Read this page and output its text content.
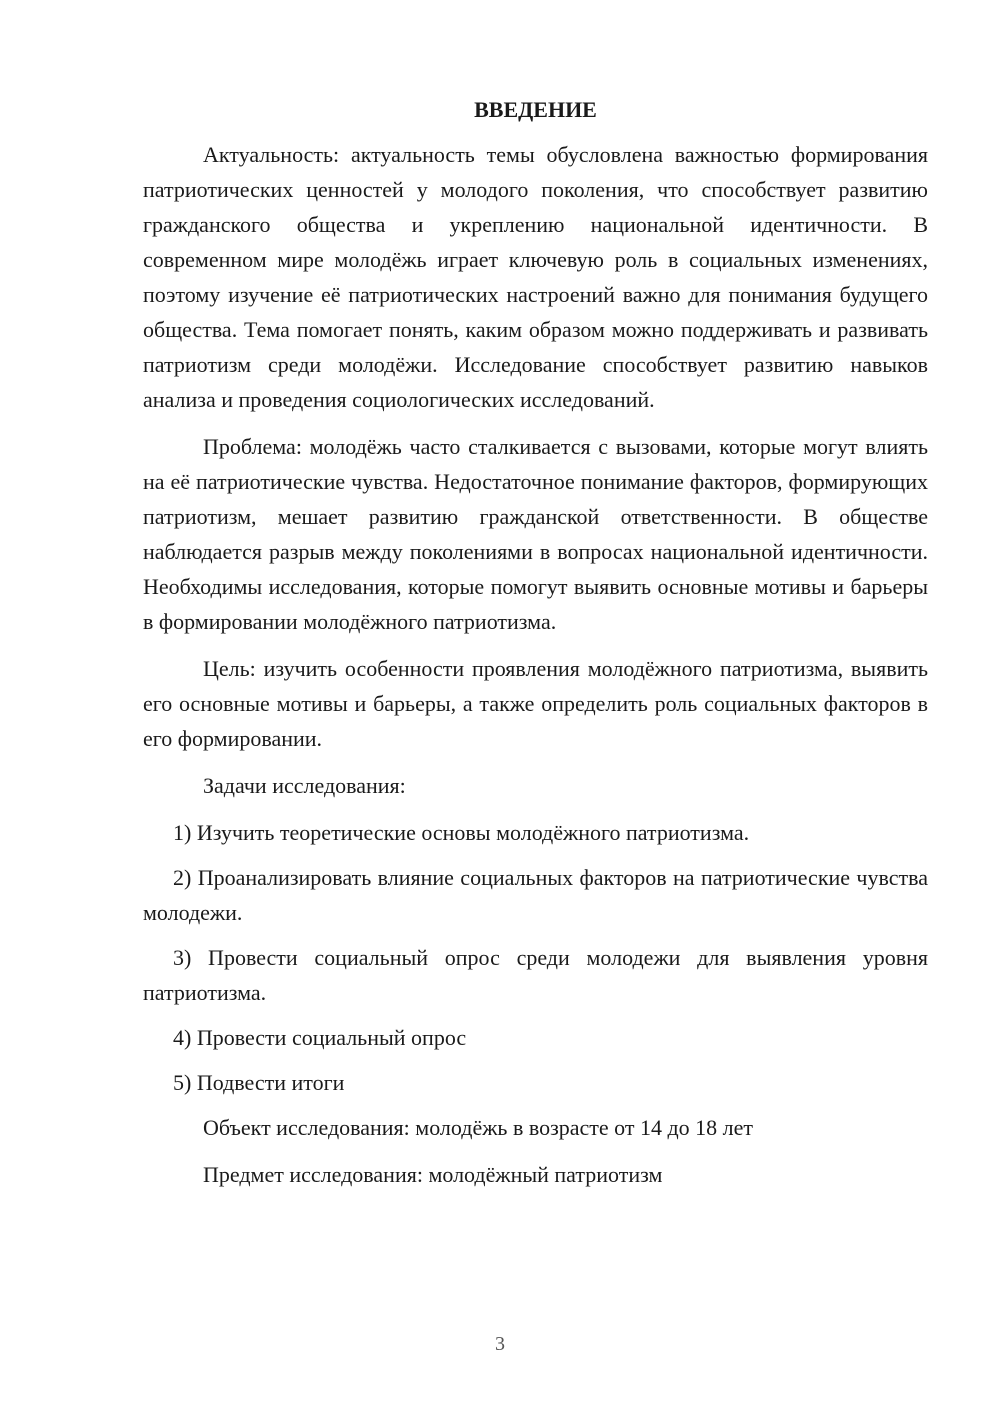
ВВЕДЕНИЕ

Актуальность: актуальность темы обусловлена важностью формирования патриотических ценностей у молодого поколения, что способствует развитию гражданского общества и укреплению национальной идентичности. В современном мире молодёжь играет ключевую роль в социальных изменениях, поэтому изучение её патриотических настроений важно для понимания будущего общества. Тема помогает понять, каким образом можно поддерживать и развивать патриотизм среди молодёжи. Исследование способствует развитию навыков анализа и проведения социологических исследований.

Проблема: молодёжь часто сталкивается с вызовами, которые могут влиять на её патриотические чувства. Недостаточное понимание факторов, формирующих патриотизм, мешает развитию гражданской ответственности. В обществе наблюдается разрыв между поколениями в вопросах национальной идентичности. Необходимы исследования, которые помогут выявить основные мотивы и барьеры в формировании молодёжного патриотизма.

Цель: изучить особенности проявления молодёжного патриотизма, выявить его основные мотивы и барьеры, а также определить роль социальных факторов в его формировании.

Задачи исследования:

1) Изучить теоретические основы молодёжного патриотизма.

2) Проанализировать влияние социальных факторов на патриотические чувства молодежи.

3) Провести социальный опрос среди молодежи для выявления уровня патриотизма.

4) Провести социальный опрос

5) Подвести итоги

Объект исследования: молодёжь в возрасте от 14 до 18 лет

Предмет исследования: молодёжный патриотизм

3
